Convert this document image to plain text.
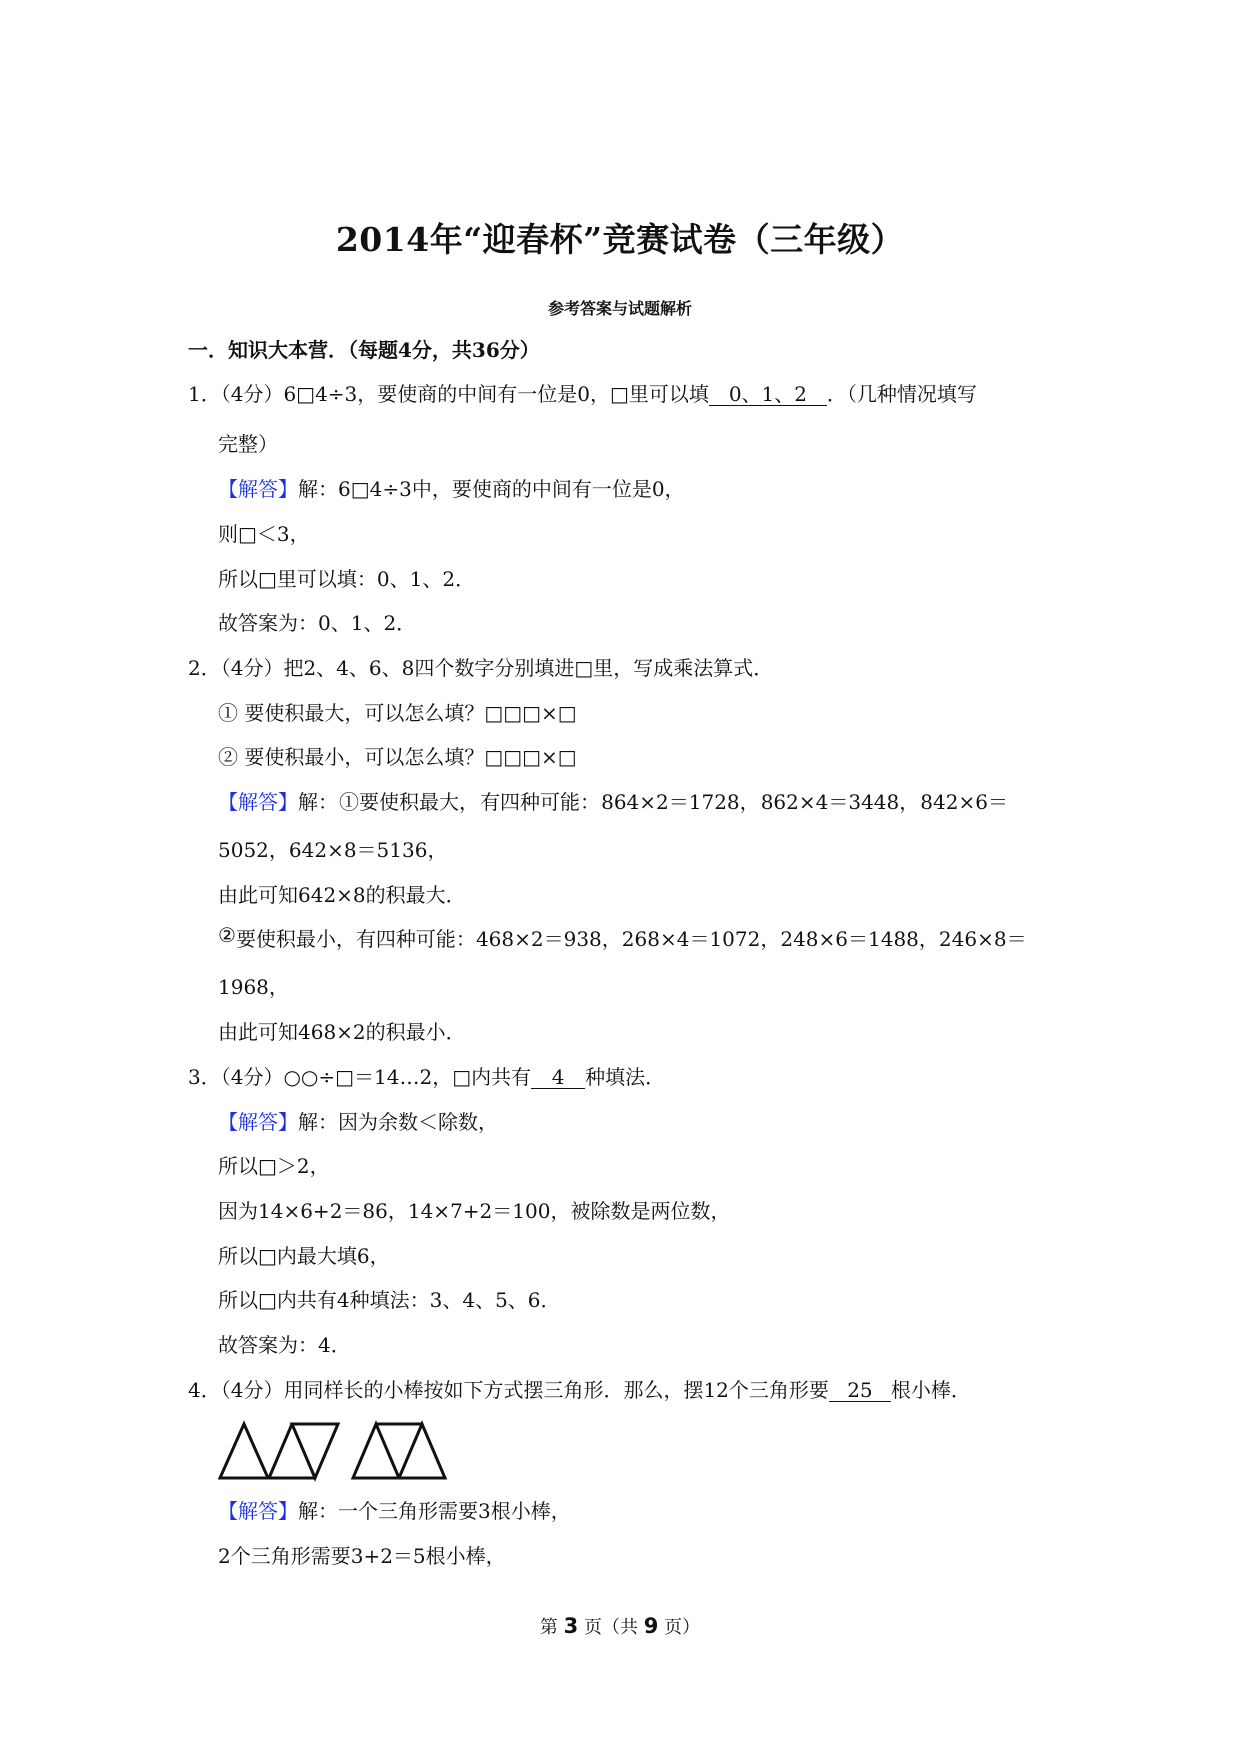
2014年“迎春杯”竞赛试卷（三年级）
参考答案与试题解析
一．知识大本营．（每题4分，共36分）
1．（4分）6□4÷3，要使商的中间有一位是0，□里可以填 0、1、2 ．（几种情况填写
完整）
【解答】解：6□4÷3中，要使商的中间有一位是0，
则□＜3，
所以□里可以填：0、1、2．
故答案为：0、1、2．
2．（4分）把2、4、6、8四个数字分别填进□里，写成乘法算式．
① 要使积最大，可以怎么填？□□□×□
② 要使积最小，可以怎么填？□□□×□
【解答】解： ①要使积最大， 有四种可能： 864×2＝1728， 862×4＝3448， 842×6＝
5052，642×8＝5136，
由此可知642×8的积最大．
② 要使积最小， 有四种可能： 468×2＝938， 268×4＝1072， 248×6＝1488， 246×8＝
1968，
由此可知468×2的积最小．
3．（4分）○○÷□＝14…2，□内共有 4 种填法．
【解答】解：因为余数＜除数，
所以□＞2，
因为14×6+2＝86，14×7+2＝100，被除数是两位数，
所以□内最大填6，
所以□内共有4种填法：3、4、5、6．
故答案为：4．
4．（4分）用同样长的小棒按如下方式摆三角形．那么，摆12个三角形要 25 根小棒．
【解答】解：一个三角形需要3根小棒，
2个三角形需要3+2＝5根小棒，
第 3 页（共 9 页）
